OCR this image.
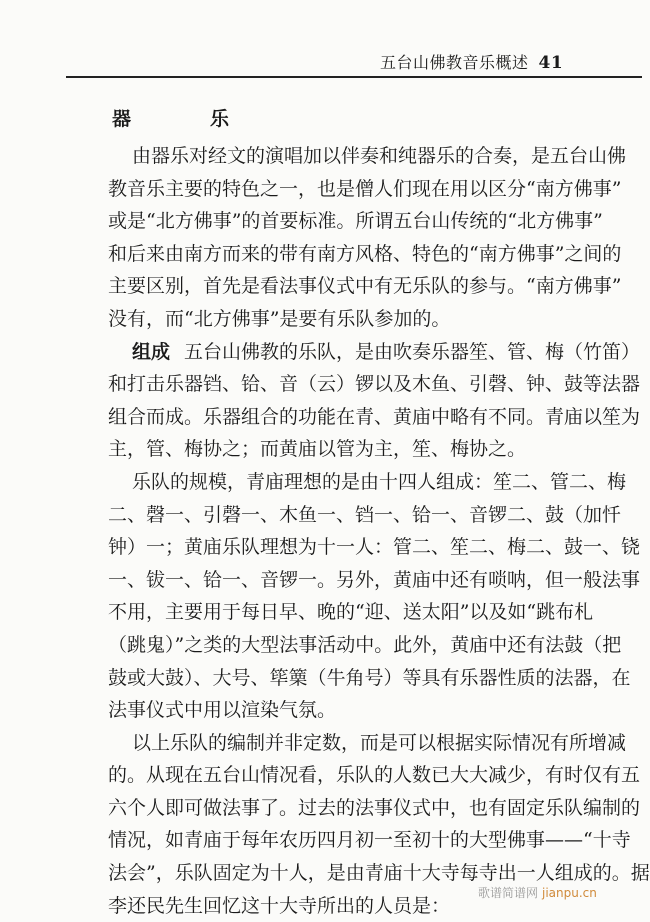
五台山佛教音乐概述 41
器　乐
由器乐对经文的演唱加以伴奏和纯器乐的合奏，是五台山佛
教音乐主要的特色之一，也是僧人们现在用以区分“南方佛事”
或是“北方佛事”的首要标准。所谓五台山传统的“北方佛事”
和后来由南方而来的带有南方风格、特色的“南方佛事”之间的
主要区别，首先是看法事仪式中有无乐队的参与。“南方佛事”
没有，而“北方佛事”是要有乐队参加的。
组成 五台山佛教的乐队，是由吹奏乐器笙、管、梅（竹笛）
和打击乐器铛、铪、音（云）锣以及木鱼、引磬、钟、鼓等法器
组合而成。乐器组合的功能在青、黄庙中略有不同。青庙以笙为
主，管、梅协之；而黄庙以管为主，笙、梅协之。
乐队的规模，青庙理想的是由十四人组成：笙二、管二、梅
二、磬一、引磬一、木鱼一、铛一、铪一、音锣二、鼓（加忏
钟）一；黄庙乐队理想为十一人：管二、笙二、梅二、鼓一、铙
一、钹一、铪一、音锣一。另外，黄庙中还有唢呐，但一般法事
不用，主要用于每日早、晚的“迎、送太阳”以及如“跳布札
（跳鬼）”之类的大型法事活动中。此外，黄庙中还有法鼓（把
鼓或大鼓）、大号、筚篥（牛角号）等具有乐器性质的法器，在
法事仪式中用以渲染气氛。
以上乐队的编制并非定数，而是可以根据实际情况有所增减
的。从现在五台山情况看，乐队的人数已大大减少，有时仅有五
六个人即可做法事了。过去的法事仪式中，也有固定乐队编制的
情况，如青庙于每年农历四月初一至初十的大型佛事——“十寺
法会”，乐队固定为十人，是由青庙十大寺每寺出一人组成的。据
李还民先生回忆这十大寺所出的人员是：
歌谱简谱网 jianpu.cn
